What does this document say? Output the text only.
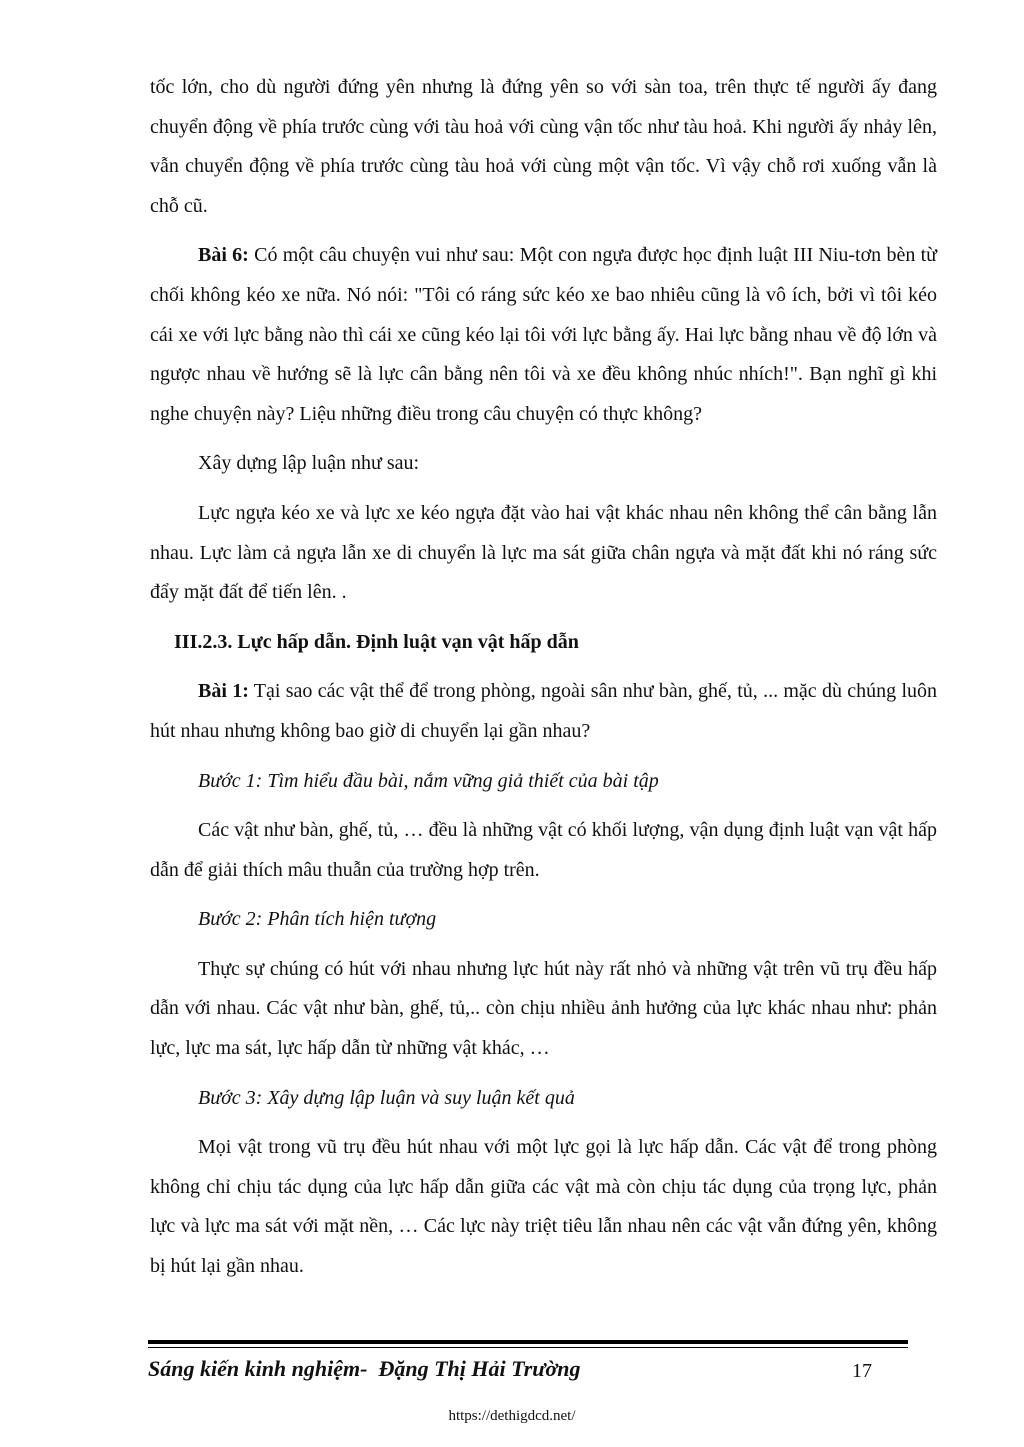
tốc lớn, cho dù người đứng yên nhưng là đứng yên so với sàn toa, trên thực tế người ấy đang chuyển động về phía trước cùng với tàu hoả với cùng vận tốc như tàu hoả. Khi người ấy nhảy lên, vẫn chuyển động về phía trước cùng tàu hoả với cùng một vận tốc. Vì vậy chỗ rơi xuống vẫn là chỗ cũ.

Bài 6: Có một câu chuyện vui như sau: Một con ngựa được học định luật III Niu-tơn bèn từ chối không kéo xe nữa. Nó nói: "Tôi có ráng sức kéo xe bao nhiêu cũng là vô ích, bởi vì tôi kéo cái xe với lực bằng nào thì cái xe cũng kéo lại tôi với lực bằng ấy. Hai lực bằng nhau về độ lớn và ngược nhau về hướng sẽ là lực cân bằng nên tôi và xe đều không nhúc nhích!". Bạn nghĩ gì khi nghe chuyện này? Liệu những điều trong câu chuyện có thực không?

Xây dựng lập luận như sau:

Lực ngựa kéo xe và lực xe kéo ngựa đặt vào hai vật khác nhau nên không thể cân bằng lẫn nhau. Lực làm cả ngựa lẫn xe di chuyển là lực ma sát giữa chân ngựa và mặt đất khi nó ráng sức đẩy mặt đất để tiến lên. .

III.2.3. Lực hấp dẫn. Định luật vạn vật hấp dẫn

Bài 1: Tại sao các vật thể để trong phòng, ngoài sân như bàn, ghế, tủ, ... mặc dù chúng luôn hút nhau nhưng không bao giờ di chuyển lại gần nhau?

Bước 1: Tìm hiểu đầu bài, nắm vững giả thiết của bài tập

Các vật như bàn, ghế, tủ, … đều là những vật có khối lượng, vận dụng định luật vạn vật hấp dẫn để giải thích mâu thuẫn của trường hợp trên.

Bước 2: Phân tích hiện tượng

Thực sự chúng có hút với nhau nhưng lực hút này rất nhỏ và những vật trên vũ trụ đều hấp dẫn với nhau. Các vật như bàn, ghế, tủ,.. còn chịu nhiều ảnh hưởng của lực khác nhau như: phản lực, lực ma sát, lực hấp dẫn từ những vật khác, …

Bước 3: Xây dựng lập luận và suy luận kết quả

Mọi vật trong vũ trụ đều hút nhau với một lực gọi là lực hấp dẫn. Các vật để trong phòng không chỉ chịu tác dụng của lực hấp dẫn giữa các vật mà còn chịu tác dụng của trọng lực, phản lực và lực ma sát với mặt nền, … Các lực này triệt tiêu lẫn nhau nên các vật vẫn đứng yên, không bị hút lại gần nhau.

Sáng kiến kinh nghiệm-  Đặng Thị Hải Trường	17
https://dethigdcd.net/
